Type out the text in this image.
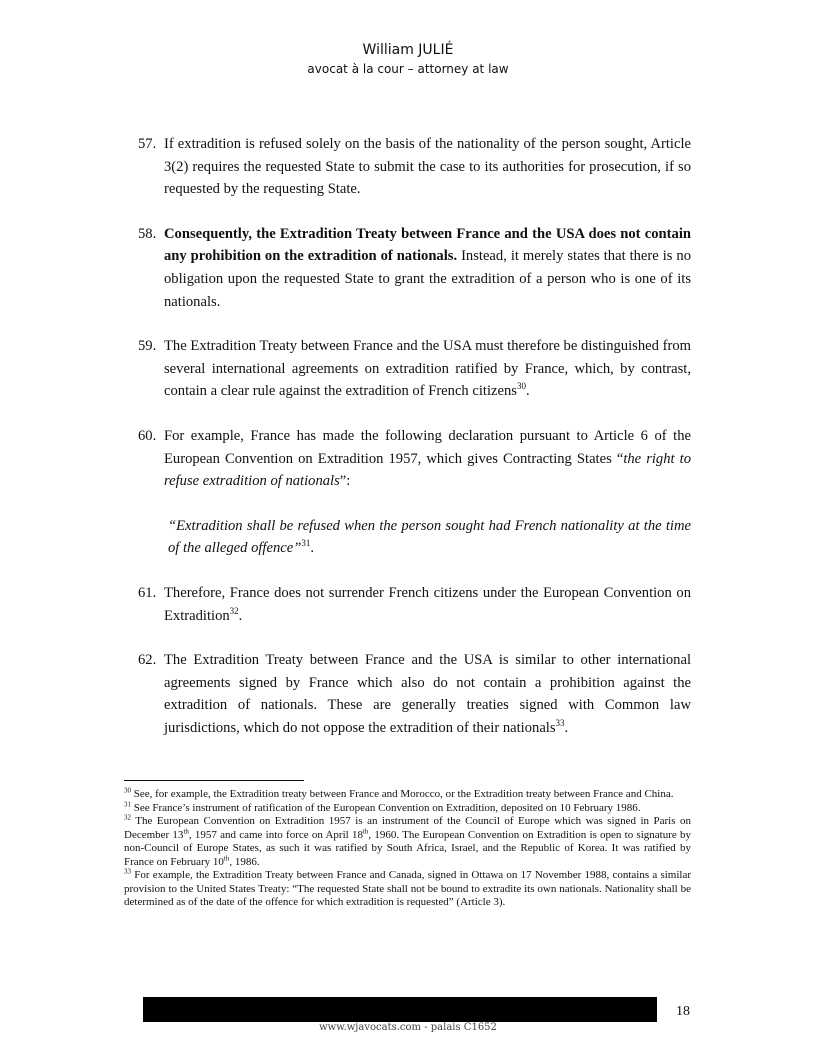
William JULIÉ
avocat à la cour – attorney at law
57. If extradition is refused solely on the basis of the nationality of the person sought, Article 3(2) requires the requested State to submit the case to its authorities for prosecution, if so requested by the requesting State.
58. Consequently, the Extradition Treaty between France and the USA does not contain any prohibition on the extradition of nationals. Instead, it merely states that there is no obligation upon the requested State to grant the extradition of a person who is one of its nationals.
59. The Extradition Treaty between France and the USA must therefore be distinguished from several international agreements on extradition ratified by France, which, by contrast, contain a clear rule against the extradition of French citizens$^{30}$.
60. For example, France has made the following declaration pursuant to Article 6 of the European Convention on Extradition 1957, which gives Contracting States “the right to refuse extradition of nationals”:
“Extradition shall be refused when the person sought had French nationality at the time of the alleged offence”$^{31}$.
61. Therefore, France does not surrender French citizens under the European Convention on Extradition$^{32}$.
62. The Extradition Treaty between France and the USA is similar to other international agreements signed by France which also do not contain a prohibition against the extradition of nationals. These are generally treaties signed with Common law jurisdictions, which do not oppose the extradition of their nationals$^{33}$.

$^{30}$ See, for example, the Extradition treaty between France and Morocco, or the Extradition treaty between France and China.

$^{31}$ See France’s instrument of ratification of the European Convention on Extradition, deposited on 10 February 1986.

$^{32}$ The European Convention on Extradition 1957 is an instrument of the Council of Europe which was signed in Paris on December 13th, 1957 and came into force on April 18th, 1960. The European Convention on Extradition is open to signature by non-Council of Europe States, as such it was ratified by South Africa, Israel, and the Republic of Korea. It was ratified by France on February 10th, 1986.

$^{33}$ For example, the Extradition Treaty between France and Canada, signed in Ottawa on 17 November 1988, contains a similar provision to the United States Treaty: “The requested State shall not be bound to extradite its own nationals. Nationality shall be determined as of the date of the offence for which extradition is requested” (Article 3).

18
www.wjavocats.com - palais C1652
